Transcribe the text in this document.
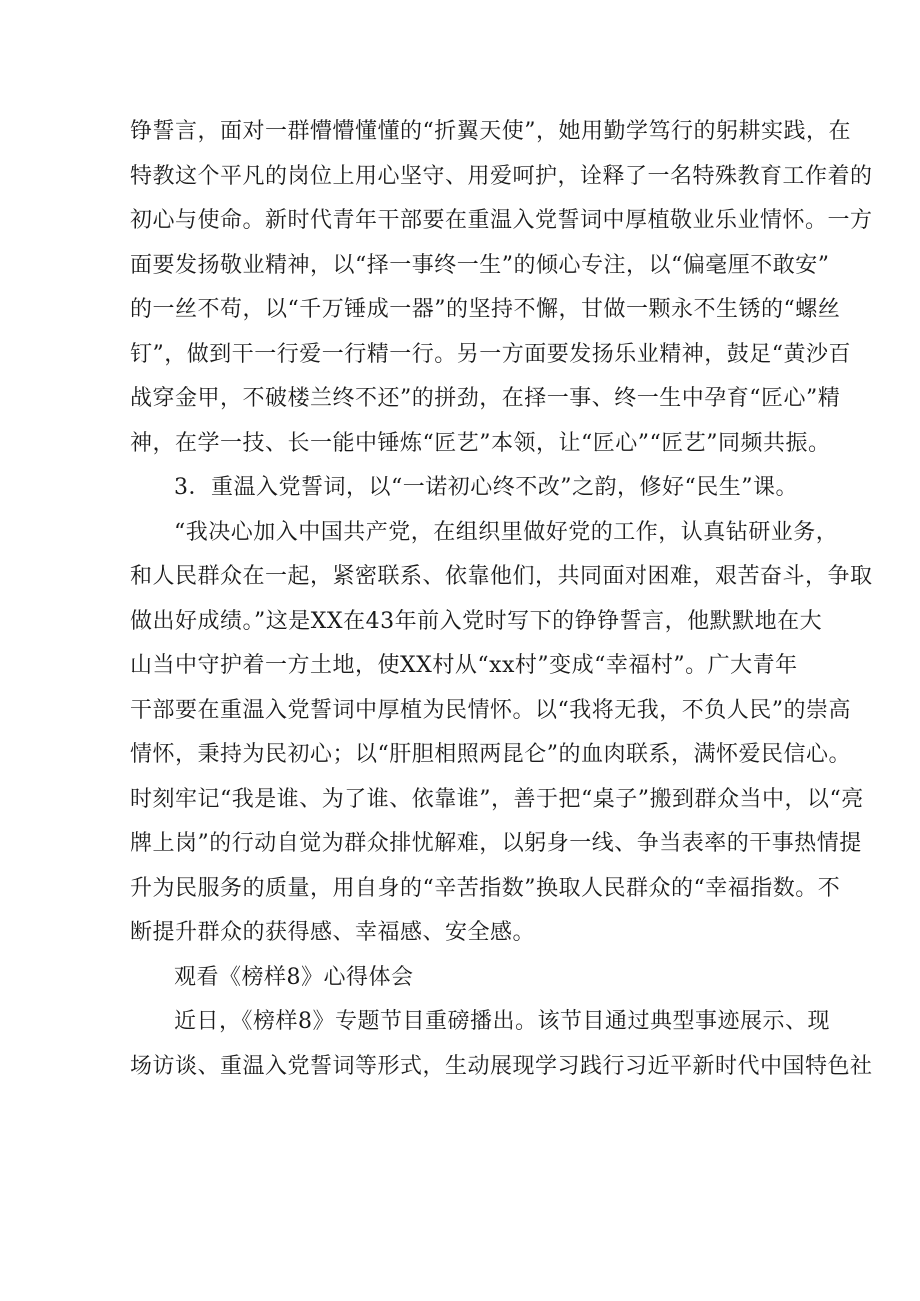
铮誓言，面对一群懵懵懂懂的“折翼天使”，她用勤学笃行的躬耕实践，在
特教这个平凡的岗位上用心坚守、用爱呵护，诠释了一名特殊教育工作着的
初心与使命。新时代青年干部要在重温入党誓词中厚植敬业乐业情怀。一方
面要发扬敬业精神，以“择一事终一生”的倾心专注，以“偏毫厘不敢安”
的一丝不苟，以“千万锤成一器”的坚持不懈，甘做一颗永不生锈的“螺丝
钉”，做到干一行爱一行精一行。另一方面要发扬乐业精神，鼓足“黄沙百
战穿金甲，不破楼兰终不还”的拼劲，在择一事、终一生中孕育“匠心”精
神，在学一技、长一能中锤炼“匠艺”本领，让“匠心”“匠艺”同频共振。
3．重温入党誓词，以“一诺初心终不改”之韵，修好“民生”课。
“我决心加入中国共产党，在组织里做好党的工作，认真钻研业务，
和人民群众在一起，紧密联系、依靠他们，共同面对困难，艰苦奋斗，争取
做出好成绩。”这是XX在43年前入党时写下的铮铮誓言，他默默地在大
山当中守护着一方土地，使XX村从“xx村”变成“幸福村”。广大青年
干部要在重温入党誓词中厚植为民情怀。以“我将无我，不负人民”的崇高
情怀，秉持为民初心；以“肝胆相照两昆仑”的血肉联系，满怀爱民信心。
时刻牢记“我是谁、为了谁、依靠谁”，善于把“桌子”搬到群众当中，以“亮
牌上岗”的行动自觉为群众排忧解难，以躬身一线、争当表率的干事热情提
升为民服务的质量，用自身的“辛苦指数”换取人民群众的“幸福指数。不
断提升群众的获得感、幸福感、安全感。
观看《榜样8》心得体会
近日，《榜样8》专题节目重磅播出。该节目通过典型事迹展示、现
场访谈、重温入党誓词等形式，生动展现学习践行习近平新时代中国特色社
